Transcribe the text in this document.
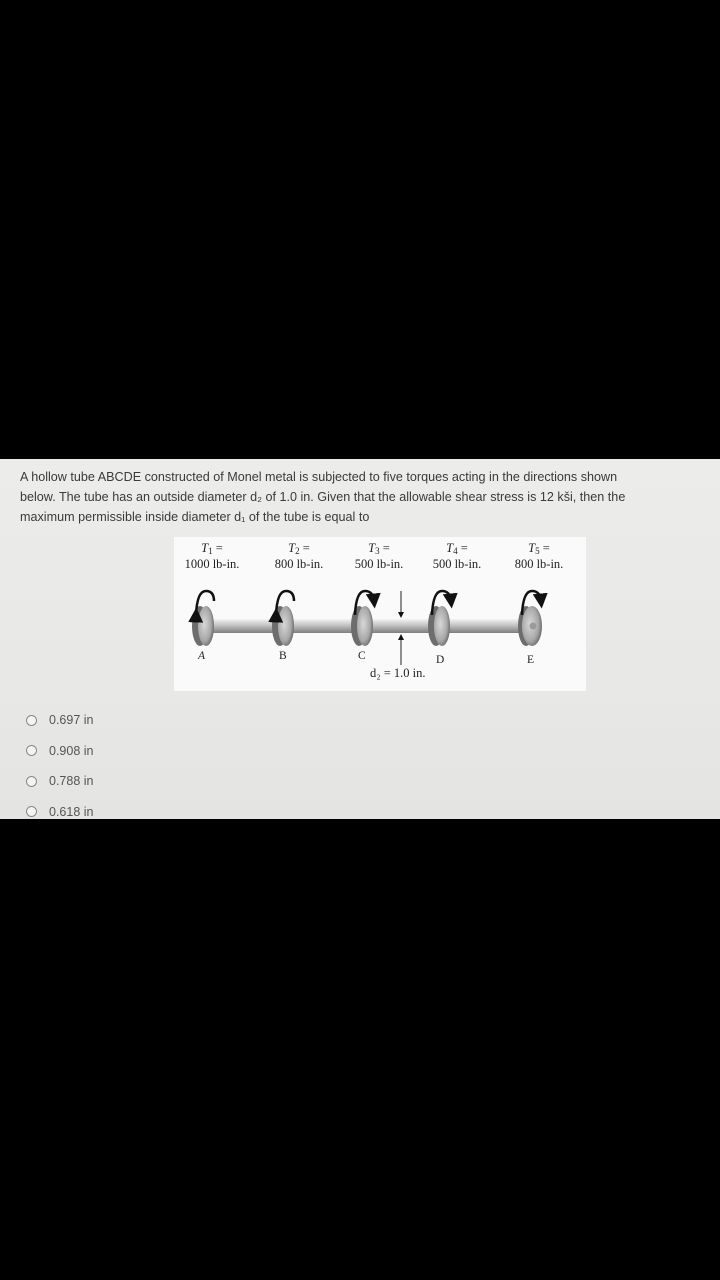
A hollow tube ABCDE constructed of Monel metal is subjected to five torques acting in the directions shown
below. The tube has an outside diameter d₂ of 1.0 in. Given that the allowable shear stress is 12 kši, then the
maximum permissible inside diameter d₁ of the tube is equal to

$T_1$ =
1000 lb-in.
$T_2$ =
800 lb-in.
$T_3$ =
500 lb-in.
$T_4$ =
500 lb-in.
$T_5$ =
800 lb-in.
A	B	C	D	E
d₂ = 1.0 in.
0.697 in
0.908 in
0.788 in
0.618 in
